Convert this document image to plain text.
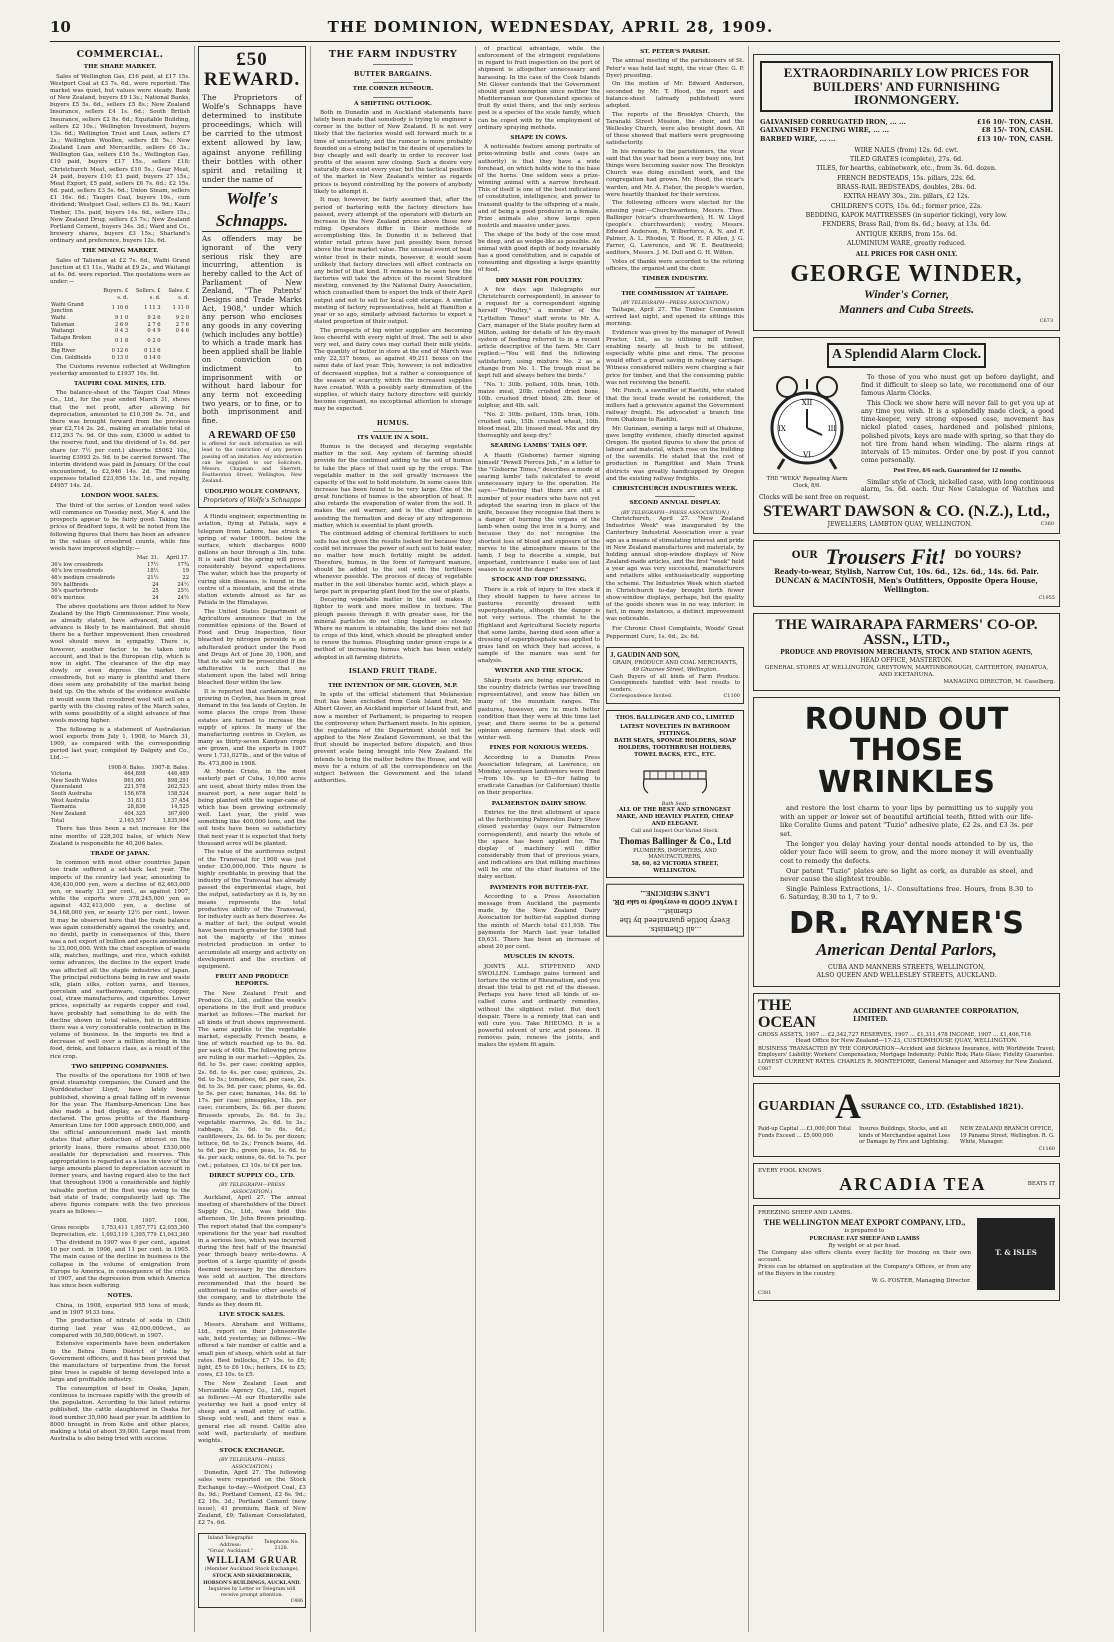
10	THE DOMINION, WEDNESDAY, APRIL 28, 1909.
COMMERCIAL.
THE SHARE MARKET.

Sales of Wellington Gas, £16 paid, at £17 15s. Westport Coal at £3 7s. 6d., were reported. The market was quiet, but values were steady. Bank of New Zealand, buyers £9 13s.; National Banks, buyers £5 5s. 6d., sellers £5 8s.; New Zealand Insurance, sellers £4 1s. 6d.; South British Insurance, sellers £2 8s. 6d.; Equitable Building, sellers £2 10s.; Wellington Investment, buyers 13s. 6d.; Wellington Trust and Loan, sellers £7 2s.; Wellington Woollen, sellers £8 5s.; New Zealand Loan and Mercantile, sellers £6 3s.; Wellington Gas, sellers £16 5s.; Wellington Gas, £10 paid, buyers £17 15s., sellers £18; Christchurch Meat, sellers £10 5s.; Gear Meat, 24 paid, buyers £10; £1 paid, buyers 27 15s.; Meat Export, £5 paid, sellers £6 7s. 6d.; £2 15s. 6d. paid, sellers £3 5s. 6d.; Union Steam, sellers £1 16s. 6d.; Taupiri Coal, buyers 19s., cum dividend; Westport Coal, sellers £3 8s. 9d.; Kauri Timber, 15s. paid, buyers 14s. 6d., sellers 15s.; New Zealand Drug, sellers £3 7s.; New Zealand Portland Cement, buyers 34s. 3d.; Ward and Co., brewery shares, buyers £3 15s.; Sharland's ordinary and preference, buyers 12s. 6d.

THE MINING MARKET.

Sales of Talisman at £2 7s. 6d., Waihi Grand Junction at £1 11s., Waihi at £9 2s., and Waitangi at 4s. 6d. were reported. The quotations were as under:—

	Buyers. £ s. d.	Sellers. £ s. d.	Sales. £ s. d.
Waihi Grand Junction	1 10 6	1 11 3	1 11 0
Waihi	9 1 0	9 2 6	9 2 0
Talisman	2 6 9	2 7 6	2 7 6
Waitangi	0 4 3	0 4 9	0 4 6
Taitapu Broken Hills	0 1 8	0 2 0	
Big River	0 12 6	0 13 6	
Con. Goldfields	0 13 0	0 14 0	

The Customs revenue collected at Wellington yesterday amounted to £1937 16s. 9d.

TAUPIRI COAL MINES, LTD.

The balance-sheet of the Taupiri Coal Mines Co., Ltd., for the year ended March 31, shows that the net profit, after allowing for depreciation, amounted to £10,399 5s. 7d., and there was brought forward from the previous year £2,714 2s. 2d., making an available total of £12,293 7s. 9d. Of this sum, £3000 is added to the reserve fund, and the dividend of 1s. 6d. per share (or 7½ per cent.) absorbs £5062 10s., leaving £3993 2s. 9d. to be carried forward. The interim dividend was paid in January. Of the coal encountered, to £2,946 14s. 2d. The mining expenses totalled £23,656 13s. 1d., and royalty, £4957 14s. 2d.

LONDON WOOL SALES.

The third of the series of London wool sales will commence on Tuesday next, May 4, and the prospects appear to be fairly good. Taking the prices of Bradford tops, it will be noted from the following figures that there has been an advance in the values of crossbred counts, while fine wools have improved slightly:—

	Mar. 31.	April 17.
36's low crossbreds	17½	17¾
40's low crossbreds	18½	19
46's medium crossbreds	21½	22
50's halfbreds	24	24½
56's quarterbreds	25	25½
60's merinos	24	24½

The above quotations are those added to New Zealand by the High Commissioner. Fine wools, as already stated, have advanced, and this advance is likely to be maintained. But should there be a further improvement then crossbred wool should move in sympathy. There is, however, another factor to be taken into account, and that is the European clip, which is now in sight. The clearance of the dip may slowly or even depress the market for crossbreds, but so many is plentiful and there does seem any probability of the market being held up. On the whole of the evidence available it would seem that crossbred wool will sell on a parity with the closing rates of the March sales, with some possibility of a slight advance of fine wools moving higher.

The following is a statement of Australasian wool exports from July 1, 1908, to March 31, 1909, as compared with the corresponding period last year, compiled by Dalgety and Co., Ltd.:—

	1908-9. Bales.	1907-8. Bales.
Victoria	464,898	446,489
New South Wales	861,061	898,291
Queensland	221,578	262,523
South Australia	156,678	158,524
West Australia	31,813	37,454
Tasmania	28,836	14,525
New Zealand	404,325	367,600
Total	2,163,557	1,835,904

There has thus been a net increase for the nine months of 228,202 bales, of which New Zealand is responsible for 40,206 bales.

TRADE OF JAPAN.

In common with most other countries Japan too trade suffered a set-back last year. The imports of the country last year, amounting to 436,430,000 yen, were a decline of 62,463,000 yen, or nearly 13 per cent., as against 1907, while the exports were 378,245,000 yen as against 432,413,000 yen, a decline of 54,168,000 yen, or nearly 12½ per cent., lower. It may be observed here that the trade balance was again considerably against the country, and, no doubt, partly in consequence of this, there was a net export of bullion and specie amounting to 33,000,000. With the chief exception of waste silk, matches, mattings, and rice, which exhibit some advances, the decline in the export trade was affected all the staple industries of Japan. The principal reductions being in raw and waste silk, plain silks, cotton yarns, and tissues, porcelain and earthenware, camphor, copper, coal, straw manufactures, and cigarettes. Lower prices, especially as regards copper and coal, have probably had something to do with the decline shown in total values, but in addition there was a very considerable contraction in the volume of business. In the imports we find a decrease of well over a million sterling in the food, drink, and tobacco class, as a result of the rice crop.

TWO SHIPPING COMPANIES.

The results of the operations for 1908 of two great steamship companies, the Cunard and the Norddeutscher Lloyd, have lately been published, showing a great falling off in revenue for the year. The Hamburg-American Line has also made a bad display, as dividend being declared. The gross profits of the Hamburg-American Line for 1908 approach £600,000, and the official announcement made last month states that after deduction of interest on the priority loans, there remains about £530,000 available for depreciation and reserves. This appropriation is regarded as a loss in view of the large amounts placed to depreciation account in former years, and having regard also to the fact that throughout 1906 a considerable and highly valuable portion of the fleet was owing to the bad state of trade, compulsorily laid up. The above figures compare with the two previous years as follows:—

	1908.	1907.	1906.
Gross receipts	1,753,411	1,957,771	£2,055,300
Depreciation, etc.	1,093,119	1,395,779	£1,043,360

The dividend in 1907 was 6 per cent., against 10 per cent. in 1906, and 11 per cent. in 1905. The main cause of the decline in business is the collapse in the volume of emigration from Europe to America, in consequence of the crisis of 1907, and the depression from which America has since been suffering.

NOTES.

China, in 1908, exported 955 tons of musk, and in 1907 9133 tons.

The production of nitrate of soda in Chili during last year was 42,000,000cwt., as compared with 30,580,000cwt. in 1907.

Extensive experiments have been undertaken in the Behra Dunn District of India by Government officers, and it has been proved that the manufacture of turpentine from the forest pine trees is capable of being developed into a large and profitable industry.

The consumption of beef in Osaka, Japan, continues to increase rapidly with the growth of the population. According to the latest returns published, the cattle slaughtered in Osaka for food number 35,000 head per year. In addition to 8000 brought in from Kobe and other places, making a total of about 39,000. Large meat from Australia is also being tried with success.

£50 REWARD.
The Proprietors of Wolfe's Schnapps have determined to institute proceedings, which will be carried to the utmost extent allowed by law, against anyone refilling their bottles with other spirit and retailing it under the name of
Wolfe's Schnapps.
As offenders may be ignorant of the very serious risk they are incurring, attention is hereby called to the Act of Parliament of New Zealand, "The Patents' Designs and Trade Marks Act, 1908," under which any person who encloses any goods in any covering (which includes any bottle) to which a trade mark has been applied shall be liable on conviction on indictment to imprisonment with or without hard labour for any term not exceeding two years, or to fine, or to both imprisonment and fine.
A REWARD OF £50
is offered for such information as will lead to the conviction of any person passing off an imitation. Any information can be supplied to our Solicitors, Messrs. Chapman and Skerrett, Featherston Street, Wellington, New Zealand.
UDOLPHO WOLFE COMPANY,
Proprietors of Wolfe's Schnapps

A Hindu engineer, experimenting in aviation, flying at Patiala, says a telegram from Lahore, has struck a spring of water 1600ft. below the surface, which discharges 6000 gallons an hour through a 3in. tube. It is said that the spring will prove considerably beyond expectations. The water, which has the property of curing skin diseases, is found in the centre of a mountain, and the strata station extends almost as far as Patiala in the Himalayas.

The United States Department of Agriculture announces that in the committee opinions of the Board of Food and Drug Inspection, flour bleached by nitrogen peroxide is an adulterated product under the Food and Drugs Act of June 30, 1906, and that its sale will be prosecuted if the adulterative is such that no statement upon the label will bring bleached flour within the law.

It is reported that cardamom, now growing in Ceylon, has been in great demand in the tea lands of Ceylon. In some places the crops from these estates are turned to increase the supply of spices. In many of the manufacturing centres in Ceylon, as many as thirty-seven Kandyan crops are grown, and the exports in 1907 were 1,731,027lb., and of the value of Rs. 473,800 in 1908.

At Monte Cristo, in the most easterly part of Cuba, 10,000 acres are used, about thirty miles from the nearest port, a new sugar field is being planted with the sugar-cane of which has been growing extremely well. Last year, the yield was something like 400,000 tons, and the soil tests have been so satisfactory that next year it is expected that forty thousand acres will be planted.

The value of the auriferous output of the Transvaal for 1908 was just under £30,000,000. This figure is highly creditable in proving that the industry of the Transvaal has already passed the experimental stage, but the output, satisfactory as it is, by no means represents the total productive ability of the Transvaal, for industry such as hers deserves. As a matter of fact, the output would have been much greater for 1908 had not the majority of the mines restricted production in order to accumulate all energy and activity on development and the erection of equipment.

FRUIT AND PRODUCE REPORTS.

The New Zealand Fruit and Produce Co., Ltd., outline the week's operations in the fruit and produce market as follows:—The market for all kinds of fruit shows improvement. The same applies to the vegetable market, especially French beans, a line of which reached up to 9s. 6d. per sack of 40lb. The following prices are ruling in our market:—Apples, 2s. 6d. to 5s. per case; cooking apples, 2s. 6d. to 4s. per case; quinces, 2s. 6d. to 5s.; tomatoes, 6d. per case, 2s. 6d. to 3s. 9d. per case; plums, 4s. 6d. to 5s. per case; bananas, 14s. 6d. to 17s. per case; pineapples, 18s. per case; cucumbers, 2s. 6d. per dozen; Brussels sprouts, 2s. 6d. to 3s.; vegetable marrows, 2s. 6d. to 3s.; cabbage, 2s. 6d. to 6s. 6d.; cauliflowers, 2s. 6d. to 5s. per dozen; lettuce, 6d. to 2s.; French beans, 4d. to 6d. per lb.; green peas, 1s. 6d. to 4s. per sack; onions, 6s. 6d. to 7s. per cwt.; potatoes, £3 10s. to £4 per ton.

DIRECT SUPPLY CO., LTD.
(BY TELEGRAPH—PRESS ASSOCIATION.)

Auckland, April 27. The annual meeting of shareholders of the Direct Supply Co., Ltd., was held this afternoon, Dr. John Brown presiding. The report stated that the company's operations for the year had resulted in a serious loss, which was incurred during the first half of the financial year through heavy write-downs. A portion of a large quantity of goods deemed necessary by the directors was sold at auction. The directors recommended that the board be authorised to realise other assets of the company, and to distribute the funds as they deem fit.

LIVE STOCK SALES.

Messrs. Abraham and Williams, Ltd., report on their Johnsonville sale, held yesterday, as follows:—We offered a fair number of cattle and a small pen of sheep, which sold at fair rates. Best bullocks, £7 15s. to £8; light, £5 to £6 10s.; heifers, £4 to £5; cows, £3 10s. to £5.

The New Zealand Loan and Mercantile Agency Co., Ltd., report as follows:—At our Hunterville sale yesterday we had a good entry of sheep and a small entry of cattle. Sheep sold well, and there was a general rise all round. Cattle also sold well, particularly of medium weights.

STOCK EXCHANGE.
(BY TELEGRAPH—PRESS ASSOCIATION.)

Dunedin, April 27. The following sales were reported on the Stock Exchange to-day:—Westport Coal, £3 8s. 9d.; Portland Cement, £2 6s. 9d.; £2 16s. 3d.; Portland Cement (new issue), 41 premium; Bank of New Zealand, £9; Talisman Consolidated, £2 7s. 6d.

Inland Telegraphic Address:
"Gruar, Auckland."
Telephone No. 2128.
WILLIAM GRUAR
(Member Auckland Stock Exchange),
STOCK AND SHAREBROKER,
HOBSON'S BUILDINGS, AUCKLAND.
Inquiries by Letter or Telegram will receive prompt attention.
C486
THE FARM INDUSTRY
BUTTER BARGAINS.
THE CORNER RUMOUR.
A SHIFTING OUTLOOK.

Both in Dunedin and in Auckland statements have lately been made that somebody is trying to engineer a corner in the butter of New Zealand. It is not very likely that the factories would sell forward much in a time of uncertainty, and the rumour is more probably founded on a strong belief in the desire of operators to buy cheaply and sell dearly in order to recover lost profits of the season now closing. Such a desire very naturally does exist every year, but the tactical position of the market in New Zealand's winter as regards prices is beyond controlling by the powers of anybody likely to attempt it.

It may, however, be fairly assumed that, after the period of bartering with the factory directors has passed, every attempt of the operators will disturb an increase in the New Zealand prices above those now ruling. Operators differ in their methods of accomplishing this. In Dunedin it is believed that winter retail prices have just possibly been forced above the true market value. The unusual event of heat winter frost in their minds, however, it would seem unlikely that factory directors will effect contracts on any belief of that kind. It remains to be seen how the factories will take the advice of the recent Stratford meeting, convened by the National Dairy Association, which counselled them to export the bulk of their April output and not to sell for local cold storage. A similar meeting of factory representatives, held at Hamilton a year or so ago, similarly advised factories to export a stated proportion of their output.

The prospects of big winter supplies are becoming less cheerful with every night of frost. The soil is also very wet, and dairy cows may curtail their milk yields. The quantity of butter in store at the end of March was only 22,337 boxes, as against 49,211 boxes on the same date of last year. This, however, is not indicative of decreased supplies, but a rather a consequence of the season of scarcity which the increased supplies have created. With a possibly early diminution of the supplies, of which dairy factory directors will quickly become cognisant, no exceptional attention to storage may be expected.

HUMUS.
ITS VALUE IN A SOIL.

Humus is the decayed and decaying vegetable matter in the soil. Any system of farming should provide for the continued adding to the soil of humus to take the place of that used up by the crops. The vegetable matter in the soil greatly increases the capacity of the soil to hold moisture. In some cases this increase has been found to be very large. One of the great functions of humus is the absorption of heat. It also retards the evaporation of water from the soil. It makes the soil warmer, and is the chief agent in assisting the formation and decay of any nitrogenous matter, which is essential to plant growth.

The continued adding of chemical fertilisers to such soils has not given the results looked for because they could not increase the power of such soil to hold water, no matter how much fertility might be added. Therefore, humus, in the form of farmyard manure, should be added to the soil with the fertilisers whenever possible. The process of decay of vegetable matter in the soil liberates humic acid, which plays a large part in preparing plant food for the use of plants.

Decaying vegetable matter in the soil makes it lighter to work and more mellow in texture. The plough passes through it with greater ease, for the mineral particles do not cling together so closely. Where no manure is obtainable, the land does not fail to crops of this kind, which should be ploughed under to renew the humus. Ploughing under green crops is a method of increasing humus which has been widely adopted in all farming districts.

ISLAND FRUIT TRADE.
THE INTENTION OF MR. GLOVER, M.P.

In spite of the official statement that Melanesian fruit has been excluded from Cook Island fruit, Mr. Albert Glover, an Auckland importer of Island fruit, and now a member of Parliament, is preparing to reopen the controversy when Parliament meets. In his opinion, the regulations of the Department should not be applied to the New Zealand Government, so that the fruit should be inspected before dispatch, and thus prevent scale being brought into New Zealand. He intends to bring the matter before the House, and will move for a return of all the correspondence on the subject between the Government and the island authorities.

of practical advantage, while the enforcement of the stringent regulations in regard to fruit inspection on the port of shipment is altogether unnecessary and harassing. In the case of the Cook Islands Mr. Glover contends that the Government should grant exemption since neither the Mediterranean nor Queensland species of fruit fly exist there, and the only serious pest is a species of the scale family, which can be coped with by the employment of ordinary spraying methods.

SHAPE IN COWS.

A noticeable feature among portraits of prize-winning bulls and cows (says an authority) is that they have a wide forehead, on which holds wide to the base of the horns. One seldom sees a prize-winning animal with a narrow forehead. This of itself is one of the best indications of constitution, intelligence, and power to transmit quality to the offspring of a male, and of being a good producer in a female. Prize animals also show large open nostrils and massive under jaws.

The shape of the body of the cow must be deep, and as wedge-like as possible. An animal with good depth of body invariably has a good constitution, and is capable of consuming and digesting a large quantity of food.

DRY MASH FOR POULTRY.

A few days ago (telegraphs our Christchurch correspondent), in answer to a request for a correspondent signing herself "Poultry," a member of the "Lyttelton Times" staff wrote to Mr. A. Carr, manager of the State poultry farm at Milton, asking for details of his dry-mash system of feeding referred to in a recent article descriptive of the farm. Mr. Carr replied:—"You will find the following satisfactory, using mixture No. 2 as a change from No. 1. The trough must be kept full and always before the birds."

"No. 1: 30lb. pollard, 10lb. bran, 10lb. maize meal, 20lb. crushed dried bone, 10lb. crushed dried blood, 2lb. flour of sulphur, and 4lb. salt.

"No. 2: 30lb. pollard, 15lb. bran, 10lb. crushed oats, 15lb. crushed wheat, 10lb. blood meal, 2lb. linseed meal. Mix and dry thoroughly and keep dry."

SEARING LAMBS' TAILS OFF.

A Hauiti (Gisborne) farmer signing himself "Pewell Pierces Jnh.," in a letter to the "Gisborne Times," describes a mode of searing lambs' tails calculated to avoid unnecessary injury to the operation. He says:—"Believing that there are still a number of your readers who have not yet adopted the searing iron in place of the knife, because they recognise that there is a danger of burning the organs of the lamb when using the iron in a hurry, and because they do not recognise the shortest loss of blood and exposure of the nerves to the atmosphere means to the lamb, I beg to describe a simple, but important, contrivance I make use of last season to avoid the danger."

STOCK AND TOP DRESSING.

There is a risk of injury to live stock if they should happen to have access to pastures recently dressed with superphosphate, although the danger is not very serious. The chemist to the Highland and Agricultural Society reports that some lambs, having died soon after a dressing of superphosphate was applied to grass land on which they had access, a sample of the manure was sent for analysis.

WINTER AND THE STOCK.

Sharp frosts are being experienced in the country districts (writes our travelling representative), and snow has fallen on many of the mountain ranges. The pastures, however, are in much better condition than they were at this time last year, and there seems to be a general opinion among farmers that stock will winter well.

FINES FOR NOXIOUS WEEDS.

According to a Dunedin Press Association telegram, at Lawrence, on Monday, seventeen landowners were fined—from 10s. up to £5—for failing to eradicate Canadian (or Californian) thistle on their properties.

PALMERSTON DAIRY SHOW.

Entries for the first allotment of space at the forthcoming Palmerston Dairy Show closed yesterday (says our Palmerston correspondent), and nearly the whole of the space has been applied for. The display of machinery will differ considerably from that of previous years, and indications are that milking machines will be one of the chief features of the dairy section.

PAYMENTS FOR BUTTER-FAT.

According to a Press Association message from Auckland the payments made by the New Zealand Dairy Association for butter-fat supplied during the month of March total £11,938. The payments for March last year totalled £9,631. There has been an increase of about 20 per cent.

MUSCLES IN KNOTS.

JOINTS ALL STIFFENED AND SWOLLEN. Lumbago pains torment and torture the victim of Rheumatism, and you dread this trial to get rid of the disease. Perhaps you have tried all kinds of so-called cures and ordinarily remedies, without the slightest relief. But don't despair. There is a remedy that can and will cure you. Take RHEUMO. It is a powerful solvent of uric acid poisons. It removes pain, renews the joints, and makes the system fit again.

ST. PETER'S PARISH.

The annual meeting of the parishioners of St. Peter's was held last night, the vicar (Rev. G. P. Dyer) presiding.

On the motion of Mr. Edward Anderson, seconded by Mr. T. Hood, the report and balance-sheet (already published) were adopted.

The reports of the Brooklyn Church, the Taranaki Street Mission, the choir, and the Wellesley Church, were also brought down. All of these showed that matters were progressing satisfactorily.

In his remarks to the parishioners, the vicar said that the year had been a very busy one, but things were becoming easier now. The Brooklyn Church was doing excellent work, and the congregation had grown. Mr. Hood, the vicar's warden, and Mr. A. Fisher, the people's warden, were heartily thanked for their services.

The following officers were elected for the ensuing year:—Churchwardens, Messrs. Thos. Ballinger (vicar's churchwarden), H. W. Lloyd (people's churchwarden); vestry, Messrs. Edward Anderson, R. Wilberforce, A. N. and F. Palmer, A. L. Rhodes, T. Hood, E. P. Allen, J. G. Farrer, G. Lawrence, and W. E. Beuthwold; auditors, Messrs. J. M. Dull and G. H. Wilton.

Votes of thanks were accorded to the retiring officers, the organist and the choir.

TIMBER INDUSTRY.
THE COMMISSION AT TAIHAPE.
(BY TELEGRAPH—PRESS ASSOCIATION.)

Taihape, April 27. The Timber Commission arrived last night, and opened its sittings this morning.

Evidence was given by the manager of Pewell Proctor, Ltd., as to utilising mill timber, enabling nearly all bush to be utilised, especially white pine and rimu. The process would effect a great saving in railway carriage. Witness considered millers were charging a fair price for timber, and that the consuming public was not receiving the benefit.

Mr. Punch, a sawmiller of Raetihi, who stated that the local trade would be considered, the millers had a grievance against the Government railway freight. He advocated a branch line from Ohakune to Raetihi.

Mr. Gunnam, owning a large mill at Ohakune, gave lengthy evidence, chiefly directed against Oregon. He quoted figures to show the price of labour and material, which rose on the building of the sawmills. He stated that the cost of production in Rangitikei and Main Trunk districts was greatly handicapped by Oregon and the existing railway freights.

CHRISTCHURCH INDUSTRIES WEEK.
SECOND ANNUAL DISPLAY.
(BY TELEGRAPH—PRESS ASSOCIATION.)

Christchurch, April 27. "New Zealand Industries Week" was inaugurated by the Canterbury Industrial Association over a year ago as a means of stimulating interest and pride in New Zealand manufactures and materials, by holding annual shop-window displays of New Zealand-made articles, and the first "week" held a year ago was very successful, manufacturers and retailers alike enthusiastically supporting the scheme. The Industries Week which started in Christchurch to-day brought forth fewer show-window displays, perhaps, but the quality of the goods shown was in no way inferior; in fact, in many instances, a distinct improvement was noticeable.

For Chronic Chest Complaints, Woods' Great Peppermint Cure, 1s. 6d., 2s. 6d.

J. GAUDIN AND SON,
GRAIN, PRODUCE AND COAL MERCHANTS,
49 Ghuznee Street, Wellington.
Cash Buyers of all kinds of Farm Produce. Consignments handled with best results to senders.
Correspondence Invited.	C1100
THOS. BALLINGER AND CO., LIMITED
LATEST NOVELTIES IN BATHROOM FITTINGS.
BATH SEATS, SPONGE HOLDERS, SOAP HOLDERS, TOOTHBRUSH HOLDERS, TOWEL RACKS, ETC., ETC.
Bath Seat.
ALL OF THE BEST AND STRONGEST MAKE, AND HEAVILY PLATED, CHEAP AND ELEGANT.
Call and Inspect Our Varied Stock.
Thomas Ballinger & Co., Ltd
PLUMBERS, IMPORTERS, AND MANUFACTURERS,
58, 60, 62 VICTORIA STREET, WELLINGTON.
...all Chemists.
Every bottle guaranteed by the chemist...
I WANT GOOD to everybody to take DR. LANE'S MEDICINE...
EXTRAORDINARILY LOW PRICES FOR
BUILDERS' AND FURNISHING IRONMONGERY.
GALVANISED CORRUGATED IRON, ... ...	£16 10/- TON, CASH.
GALVANISED FENCING WIRE, ... ...	£8 15/- TON, CASH.
BARBED WIRE, ... ...	£13 10/- TON, CASH.
WIRE NAILS (from) 12s. 6d. cwt.
TILED GRATES (complete), 27s. 6d.
TILES, for hearths, cabinetwork, etc., from 3s. 6d. dozen.
FRENCH BEDSTEADS, 15s. pillars, 22s. 6d.
BRASS-RAIL BEDSTEADS, doubles, 28s. 6d.
EXTRA HEAVY 30s., 2in. pillars, £2 12s.
CHILDREN'S COTS, 15s. 6d.; former price, 22s.
BEDDING, KAPOK MATTRESSES (in superior ticking), very low.
FENDERS, Brass Rail, from 8s. 6d.; heavy, at 13s. 6d.
ANTIQUE KERBS, from 15s. 6d.
ALUMINIUM WARE, greatly reduced.
ALL PRICES FOR CASH ONLY.
GEORGE WINDER,
Winder's Corner,
Manners and Cuba Streets.
C673
A Splendid Alarm Clock.
XII
III
VI
IX
THE "WEKA" Repeating Alarm Clock, 8/6.

To those of you who must get up before daylight, and find it difficult to sleep so late, we recommend one of our famous Alarm Clocks.

This Clock we show here will never fail to get you up at any time you wish. It is a splendidly made clock, a good time-keeper, very strong exposed case, movement has nickel plated cases, hardened and polished pinions, polished pivots, keys are made with spring, so that they do not tire from hand when winding. The alarm rings at intervals of 15 minutes. Order one by post if you cannot come personally.

Post Free, 8/6 each. Guaranteed for 12 months.

Similar style of Clock, nickelled case, with long continuous alarm, 5s. 6d. each. Our New Catalogue of Watches and Clocks will be sent free on request.

STEWART DAWSON & CO. (N.Z.), Ltd.,
JEWELLERS, LAMBTON QUAY, WELLINGTON.	C360
OUR Trousers Fit! DO YOURS?
Ready-to-wear, Stylish, Narrow Cut, 10s. 6d., 12s. 6d., 14s. 6d. Pair.
DUNCAN & MACINTOSH, Men's Outfitters, Opposite Opera House, Wellington.
C1955
THE WAIRARAPA FARMERS' CO-OP. ASSN., LTD.,
PRODUCE AND PROVISION MERCHANTS, STOCK AND STATION AGENTS,
HEAD OFFICE, MASTERTON.
GENERAL STORES AT WELLINGTON, GREYTOWN, MARTINBOROUGH, CARTERTON, PAHIATUA, AND EKETAHUNA.
MANAGING DIRECTOR, M. Caselberg.
ROUND OUT
THOSE WRINKLES

and restore the lost charm to your lips by permitting us to supply you with an upper or lower set of beautiful artificial teeth, fitted with our life-like Coralite Gums and patent "Tuzio" adhesive plate, £2 2s. and £3 3s. per set.

The longer you delay having your dental needs attended to by us, the older your face will seem to grow, and the more money it will eventually cost to remedy the defects.

Our patent "Tuzio" plates are so light as cork, as durable as steel, and never cause the slightest trouble.

Single Painless Extractions, 1/-. Consultations free. Hours, from 8.30 to 6. Saturday, 8.30 to 1, 7 to 9.

DR. RAYNER'S
American Dental Parlors,
CUBA AND MANNERS STREETS, WELLINGTON,
ALSO QUEEN AND WELLESLEY STREETS, AUCKLAND.
THE OCEAN
ACCIDENT AND GUARANTEE CORPORATION, LIMITED.
GROSS ASSETS, 1907 ... £2,342,727 RESERVES, 1907 ... £1,311,478 INCOME, 1907 ... £1,406,716
Head Office for New Zealand—17-23, CUSTOMHOUSE QUAY, WELLINGTON.
BUSINESS TRANSACTED BY THE CORPORATION—Accident and Sickness Insurance, with Worldwide Travel; Employers' Liability; Workers' Compensation; Mortgage Indemnity; Public Risk; Plate Glass; Fidelity Guarantee.
LOWEST CURRENT RATES. CHARLES R. MONTEFIORE, General Manager and Attorney for New Zealand.
C987
GUARDIAN A SSURANCE CO., LTD. (Established 1821).
Paid-up Capital ... £1,000,000 Total Funds Exceed ... £5,000,000
Insures Buildings, Stocks, and all kinds of Merchandise against Loss or Damage by Fire and Lightning.
NEW ZEALAND BRANCH OFFICE, 19 Panama Street, Wellington. R. G. White, Manager.
C1160
EVERY FOOL KNOWS
ARCADIA TEA	BEATS IT
FREEZING SHEEP AND LAMBS.
THE WELLINGTON MEAT EXPORT COMPANY, LTD.,
is prepared to
PURCHASE FAT SHEEP AND LAMBS
By weight or at per head.
The Company also offers clients every facility for freezing on their own account.
Prices can be obtained on application at the Company's Offices, or from any of the Buyers in the country.
W. G. FOSTER, Managing Director.
T. & ISLES
C381
